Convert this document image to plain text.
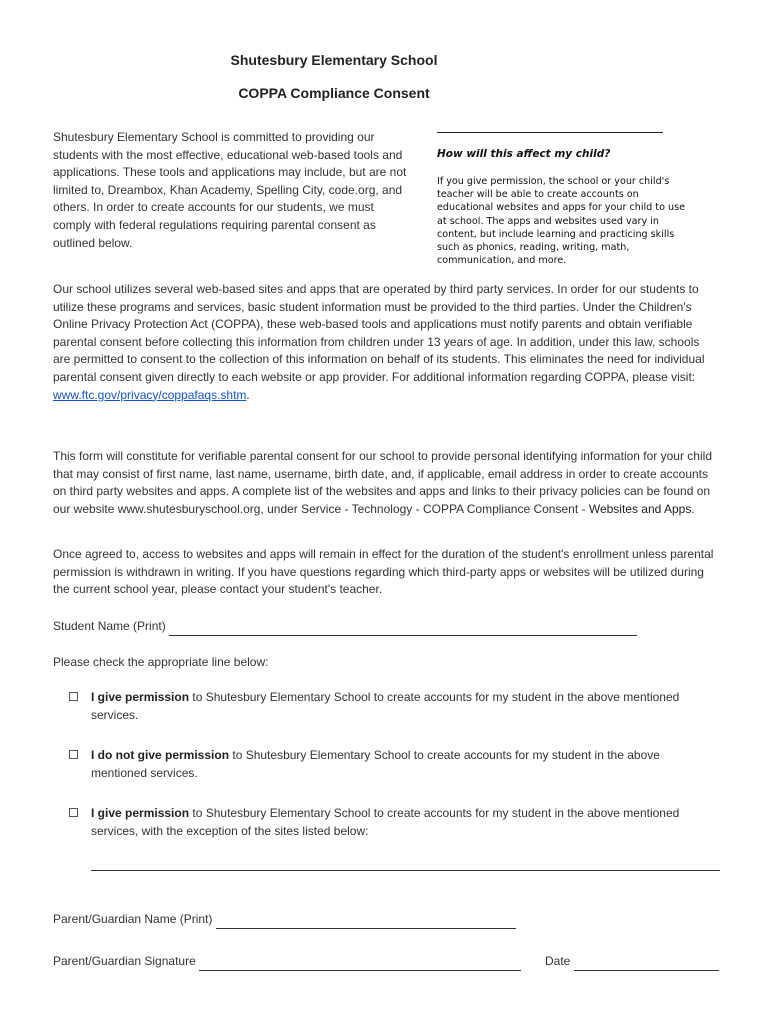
Shutesbury Elementary School
COPPA Compliance Consent
Shutesbury Elementary School is committed to providing our students with the most effective, educational web-based tools and applications. These tools and applications may include, but are not limited to, Dreambox, Khan Academy, Spelling City, code.org, and others. In order to create accounts for our students, we must comply with federal regulations requiring parental consent as outlined below.
How will this affect my child?
If you give permission, the school or your child's teacher will be able to create accounts on educational websites and apps for your child to use at school. The apps and websites used vary in content, but include learning and practicing skills such as phonics, reading, writing, math, communication, and more.
Our school utilizes several web-based sites and apps that are operated by third party services. In order for our students to utilize these programs and services, basic student information must be provided to the third parties. Under the Children's Online Privacy Protection Act (COPPA), these web-based tools and applications must notify parents and obtain verifiable parental consent before collecting this information from children under 13 years of age. In addition, under this law, schools are permitted to consent to the collection of this information on behalf of its students. This eliminates the need for individual parental consent given directly to each website or app provider. For additional information regarding COPPA, please visit: www.ftc.gov/privacy/coppafaqs.shtm.
This form will constitute for verifiable parental consent for our school to provide personal identifying information for your child that may consist of first name, last name, username, birth date, and, if applicable, email address in order to create accounts on third party websites and apps. A complete list of the websites and apps and links to their privacy policies can be found on our website www.shutesburyschool.org, under Service - Technology - COPPA Compliance Consent - Websites and Apps.
Once agreed to, access to websites and apps will remain in effect for the duration of the student's enrollment unless parental permission is withdrawn in writing. If you have questions regarding which third-party apps or websites will be utilized during the current school year, please contact your student's teacher.
Student Name (Print)
Please check the appropriate line below:
I give permission to Shutesbury Elementary School to create accounts for my student in the above mentioned services.
I do not give permission to Shutesbury Elementary School to create accounts for my student in the above mentioned services.
I give permission to Shutesbury Elementary School to create accounts for my student in the above mentioned services, with the exception of the sites listed below:
Parent/Guardian Name (Print)
Parent/Guardian Signature	Date
